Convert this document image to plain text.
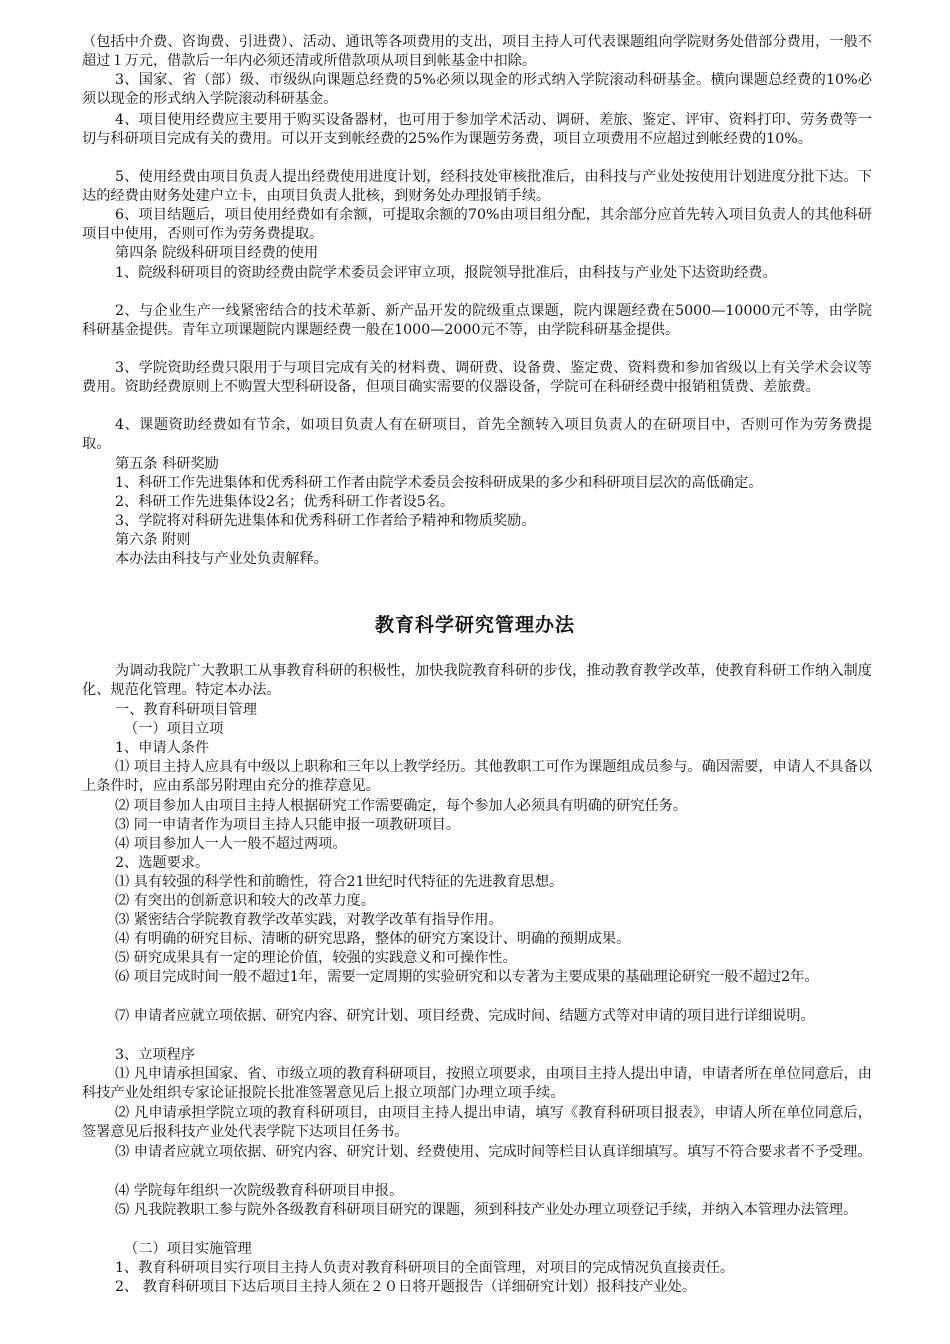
（包括中介费、咨询费、引进费）、活动、通讯等各项费用的支出，项目主持人可代表课题组向学院财务处借部分费用，一般不超过１万元，借款后一年内必须还清或所借款项从项目到帐基金中扣除。

3、国家、省（部）级、市级纵向课题总经费的5%必须以现金的形式纳入学院滚动科研基金。横向课题总经费的10%必须以现金的形式纳入学院滚动科研基金。

4、项目使用经费应主要用于购买设备器材，也可用于参加学术活动、调研、差旅、鉴定、评审、资料打印、劳务费等一切与科研项目完成有关的费用。可以开支到帐经费的25%作为课题劳务费，项目立项费用不应超过到帐经费的10%。

5、使用经费由项目负责人提出经费使用进度计划，经科技处审核批准后，由科技与产业处按使用计划进度分批下达。下达的经费由财务处建户立卡，由项目负责人批核，到财务处办理报销手续。

6、项目结题后，项目使用经费如有余额，可提取余额的70%由项目组分配，其余部分应首先转入项目负责人的其他科研项目中使用，否则可作为劳务费提取。

第四条 院级科研项目经费的使用

1、院级科研项目的资助经费由院学术委员会评审立项，报院领导批准后，由科技与产业处下达资助经费。

2、与企业生产一线紧密结合的技术革新、新产品开发的院级重点课题，院内课题经费在5000—10000元不等，由学院科研基金提供。青年立项课题院内课题经费一般在1000—2000元不等，由学院科研基金提供。

3、学院资助经费只限用于与项目完成有关的材料费、调研费、设备费、鉴定费、资料费和参加省级以上有关学术会议等费用。资助经费原则上不购置大型科研设备，但项目确实需要的仪器设备，学院可在科研经费中报销租赁费、差旅费。

4、课题资助经费如有节余，如项目负责人有在研项目，首先全额转入项目负责人的在研项目中，否则可作为劳务费提取。

第五条 科研奖励

1、科研工作先进集体和优秀科研工作者由院学术委员会按科研成果的多少和科研项目层次的高低确定。

2、科研工作先进集体设2名；优秀科研工作者设5名。

3、学院将对科研先进集体和优秀科研工作者给予精神和物质奖励。

第六条 附则

本办法由科技与产业处负责解释。

教育科学研究管理办法

为调动我院广大教职工从事教育科研的积极性，加快我院教育科研的步伐，推动教育教学改革，使教育科研工作纳入制度化、规范化管理。特定本办法。

一、教育科研项目管理

（一）项目立项

1、申请人条件

⑴ 项目主持人应具有中级以上职称和三年以上教学经历。其他教职工可作为课题组成员参与。确因需要，申请人不具备以上条件时，应由系部另附理由充分的推荐意见。

⑵ 项目参加人由项目主持人根据研究工作需要确定，每个参加人必须具有明确的研究任务。

⑶ 同一申请者作为项目主持人只能申报一项教研项目。

⑷ 项目参加人一人一般不超过两项。

2、选题要求。

⑴ 具有较强的科学性和前瞻性，符合21世纪时代特征的先进教育思想。

⑵ 有突出的创新意识和较大的改革力度。

⑶ 紧密结合学院教育教学改革实践，对教学改革有指导作用。

⑷ 有明确的研究目标、清晰的研究思路，整体的研究方案设计、明确的预期成果。

⑸ 研究成果具有一定的理论价值，较强的实践意义和可操作性。

⑹ 项目完成时间一般不超过1年，需要一定周期的实验研究和以专著为主要成果的基础理论研究一般不超过2年。

⑺ 申请者应就立项依据、研究内容、研究计划、项目经费、完成时间、结题方式等对申请的项目进行详细说明。

3、立项程序

⑴ 凡申请承担国家、省、市级立项的教育科研项目，按照立项要求，由项目主持人提出申请，申请者所在单位同意后，由科技产业处组织专家论证报院长批准签署意见后上报立项部门办理立项手续。

⑵ 凡申请承担学院立项的教育科研项目，由项目主持人提出申请，填写《教育科研项目报表》，申请人所在单位同意后，签署意见后报科技产业处代表学院下达项目任务书。

⑶ 申请者应就立项依据、研究内容、研究计划、经费使用、完成时间等栏目认真详细填写。填写不符合要求者不予受理。

⑷ 学院每年组织一次院级教育科研项目申报。

⑸ 凡我院教职工参与院外各级教育科研项目研究的课题，须到科技产业处办理立项登记手续，并纳入本管理办法管理。

（二）项目实施管理

1、教育科研项目实行项目主持人负责对教育科研项目的全面管理，对项目的完成情况负直接责任。

2、 教育科研项目下达后项目主持人须在２０日将开题报告（详细研究计划）报科技产业处。
